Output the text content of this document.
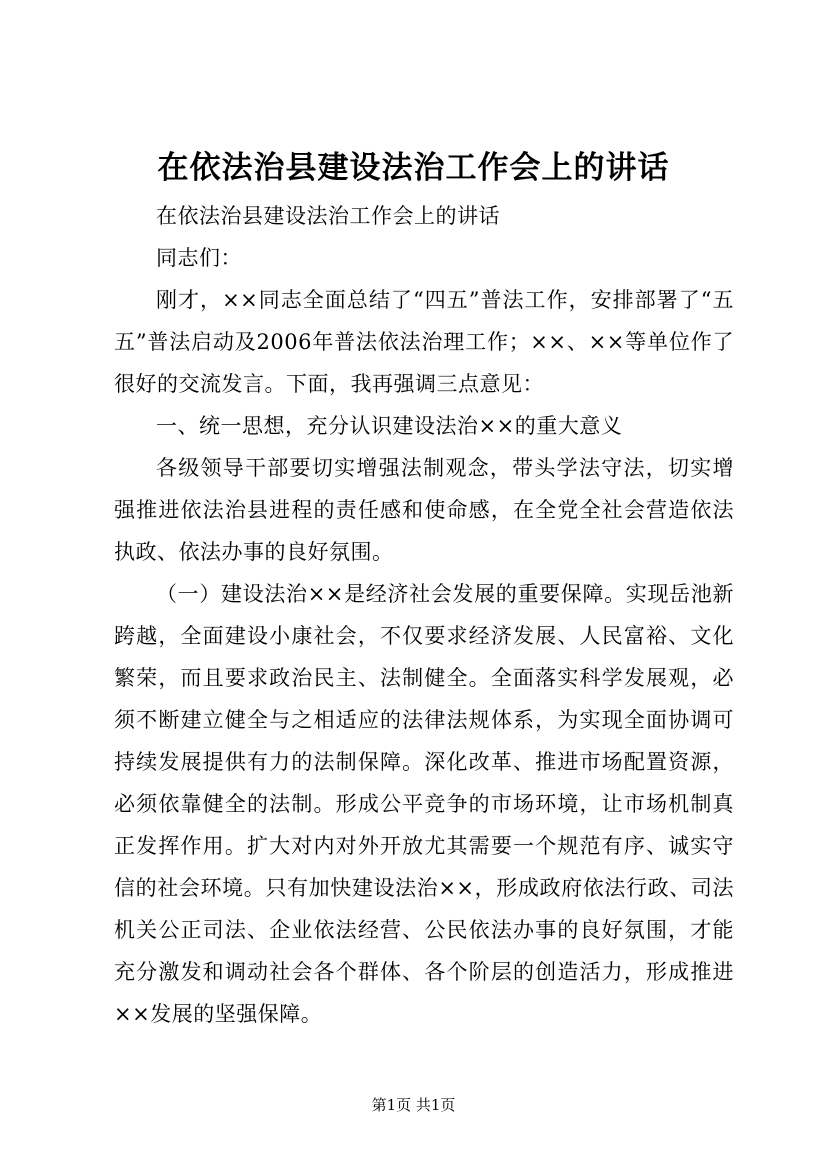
在依法治县建设法治工作会上的讲话

在依法治县建设法治工作会上的讲话

同志们：

刚才，××同志全面总结了“四五”普法工作，安排部署了“五五”普法启动及2006年普法依法治理工作；××、××等单位作了很好的交流发言。下面，我再强调三点意见：

一、统一思想，充分认识建设法治××的重大意义

各级领导干部要切实增强法制观念，带头学法守法，切实增强推进依法治县进程的责任感和使命感，在全党全社会营造依法执政、依法办事的良好氛围。

（一）建设法治××是经济社会发展的重要保障。实现岳池新跨越，全面建设小康社会，不仅要求经济发展、人民富裕、文化繁荣，而且要求政治民主、法制健全。全面落实科学发展观，必须不断建立健全与之相适应的法律法规体系，为实现全面协调可持续发展提供有力的法制保障。深化改革、推进市场配置资源，必须依靠健全的法制。形成公平竞争的市场环境，让市场机制真正发挥作用。扩大对内对外开放尤其需要一个规范有序、诚实守信的社会环境。只有加快建设法治××，形成政府依法行政、司法机关公正司法、企业依法经营、公民依法办事的良好氛围，才能充分激发和调动社会各个群体、各个阶层的创造活力，形成推进××发展的坚强保障。

第1页 共1页
